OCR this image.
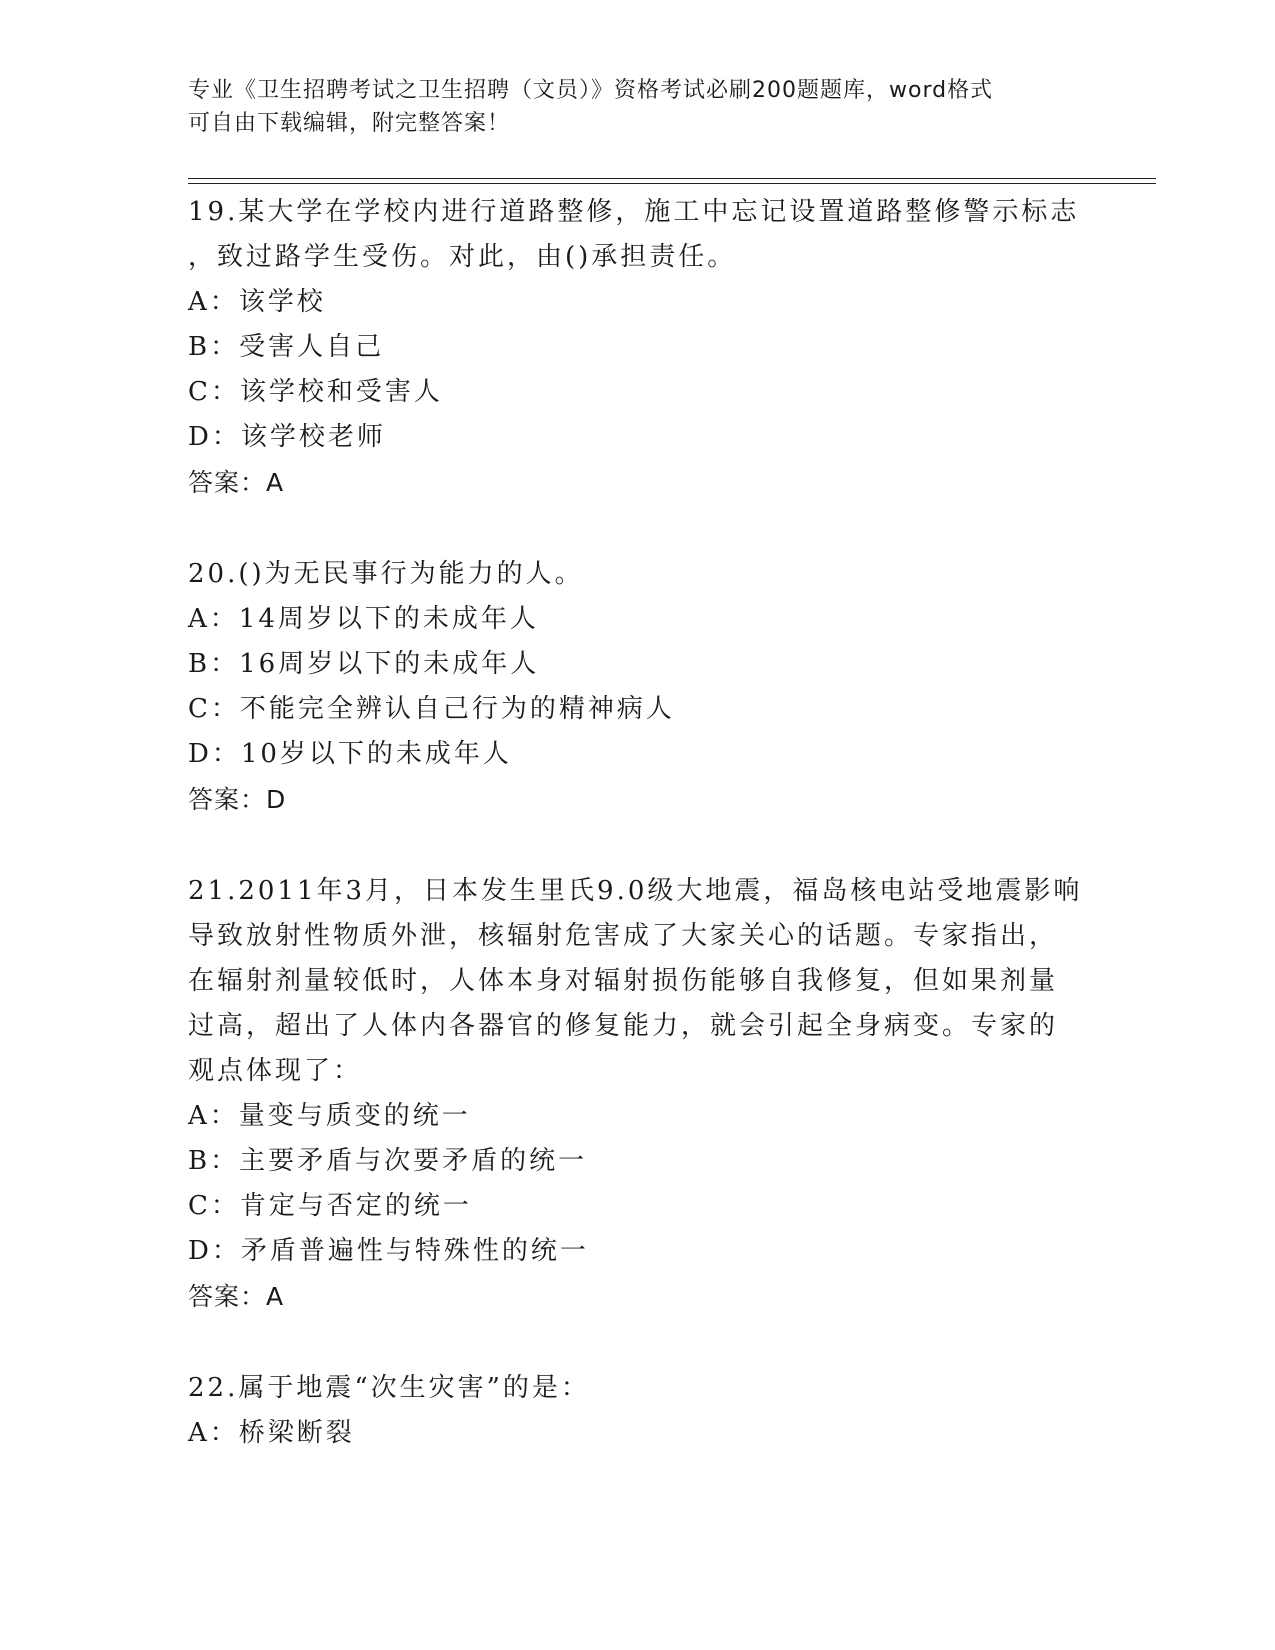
专业《卫生招聘考试之卫生招聘（文员）》资格考试必刷200题题库，word格式
可自由下载编辑，附完整答案！
19.某大学在学校内进行道路整修，施工中忘记设置道路整修警示标志
，致过路学生受伤。对此，由()承担责任。
A：该学校
B：受害人自己
C：该学校和受害人
D：该学校老师
答案：A
20.()为无民事行为能力的人。
A：14周岁以下的未成年人
B：16周岁以下的未成年人
C：不能完全辨认自己行为的精神病人
D：10岁以下的未成年人
答案：D
21.2011年3月，日本发生里氏9.0级大地震，福岛核电站受地震影响
导致放射性物质外泄，核辐射危害成了大家关心的话题。专家指出，
在辐射剂量较低时，人体本身对辐射损伤能够自我修复，但如果剂量
过高，超出了人体内各器官的修复能力，就会引起全身病变。专家的
观点体现了：
A：量变与质变的统一
B：主要矛盾与次要矛盾的统一
C：肯定与否定的统一
D：矛盾普遍性与特殊性的统一
答案：A
22.属于地震“次生灾害”的是：
A：桥梁断裂
